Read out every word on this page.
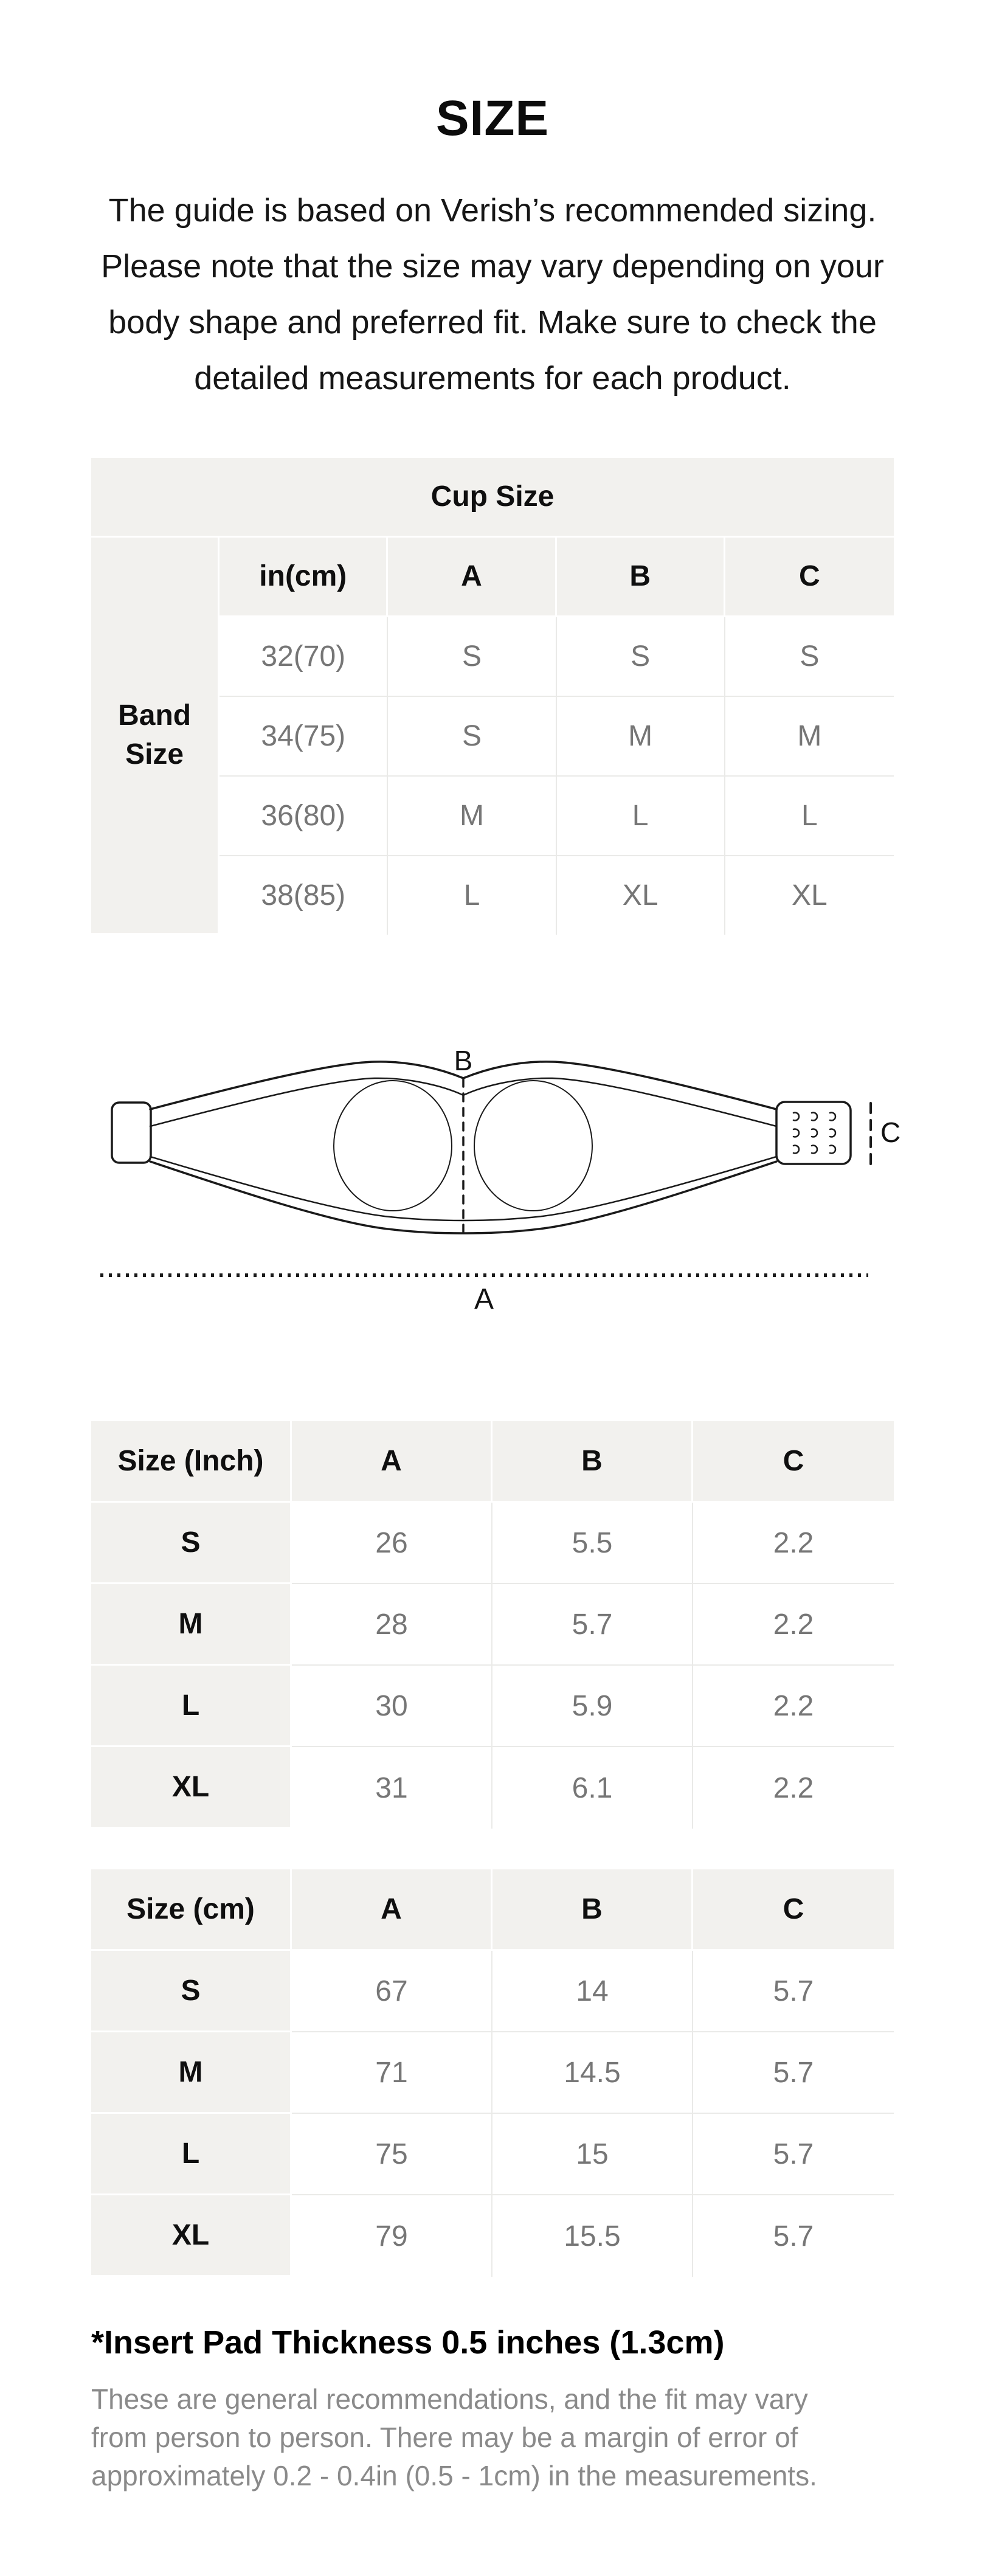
SIZE
The guide is based on Verish’s recommended sizing.
Please note that the size may vary depending on your
body shape and preferred fit. Make sure to check the
detailed measurements for each product.
Cup Size				
Band Size	in(cm)	A	B	C
	32(70)	S	S	S
	34(75)	S	M	M
	36(80)	M	L	L
	38(85)	L	XL	XL
B
C
A
Size (Inch)	A	B	C
S	26	5.5	2.2
M	28	5.7	2.2
L	30	5.9	2.2
XL	31	6.1	2.2
Size (cm)	A	B	C
S	67	14	5.7
M	71	14.5	5.7
L	75	15	5.7
XL	79	15.5	5.7
*Insert Pad Thickness 0.5 inches (1.3cm)
These are general recommendations, and the fit may vary
from person to person. There may be a margin of error of
approximately 0.2 - 0.4in (0.5 - 1cm) in the measurements.
